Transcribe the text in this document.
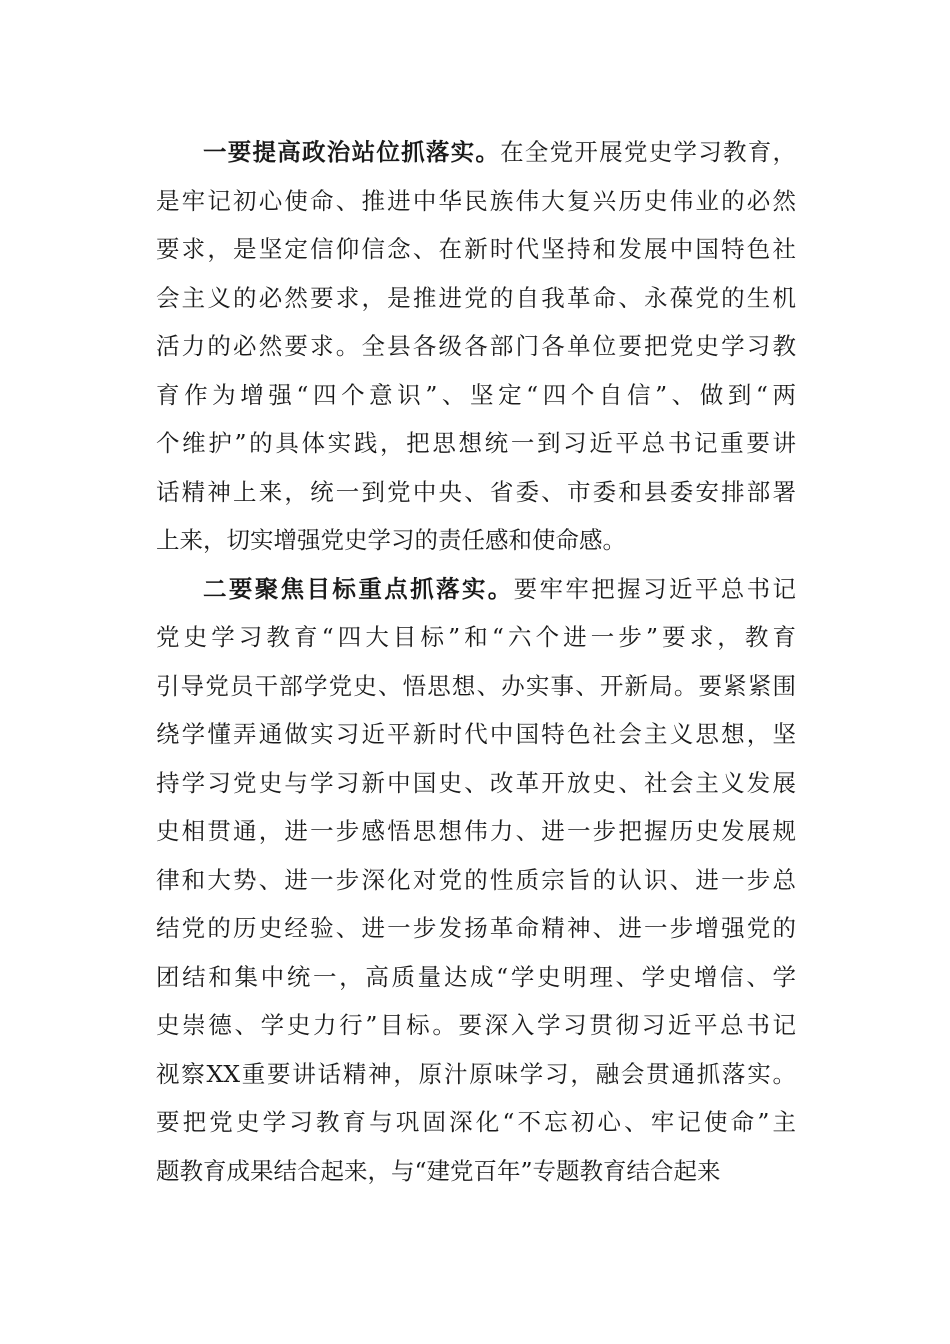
一要提高政治站位抓落实。在全党开展党史学习教育，
是牢记初心使命、推进中华民族伟大复兴历史伟业的必然
要求，是坚定信仰信念、在新时代坚持和发展中国特色社
会主义的必然要求，是推进党的自我革命、永葆党的生机
活力的必然要求。全县各级各部门各单位要把党史学习教
育作为增强“四个意识”、坚定“四个自信”、做到“两
个维护”的具体实践，把思想统一到习近平总书记重要讲
话精神上来，统一到党中央、省委、市委和县委安排部署
上来，切实增强党史学习的责任感和使命感。
二要聚焦目标重点抓落实。要牢牢把握习近平总书记
党史学习教育“四大目标”和“六个进一步”要求，教育
引导党员干部学党史、悟思想、办实事、开新局。要紧紧围
绕学懂弄通做实习近平新时代中国特色社会主义思想，坚
持学习党史与学习新中国史、改革开放史、社会主义发展
史相贯通，进一步感悟思想伟力、进一步把握历史发展规
律和大势、进一步深化对党的性质宗旨的认识、进一步总
结党的历史经验、进一步发扬革命精神、进一步增强党的
团结和集中统一，高质量达成“学史明理、学史增信、学
史崇德、学史力行”目标。要深入学习贯彻习近平总书记
视察XX重要讲话精神，原汁原味学习，融会贯通抓落实。
要把党史学习教育与巩固深化“不忘初心、牢记使命”主
题教育成果结合起来，与“建党百年”专题教育结合起来
